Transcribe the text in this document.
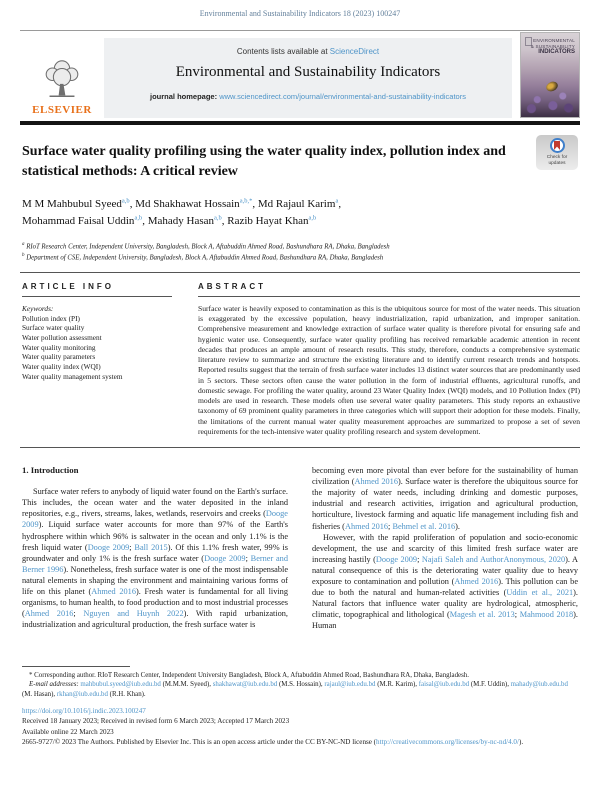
Environmental and Sustainability Indicators 18 (2023) 100247
ELSEVIER
Contents lists available at ScienceDirect
Environmental and Sustainability Indicators
journal homepage: www.sciencedirect.com/journal/environmental-and-sustainability-indicators
ENVIRONMENTAL
& SUSTAINABILITY
INDICATORS
Surface water quality profiling using the water quality index, pollution index and statistical methods: A critical review
Check for
updates
M M Mahbubul Syeed$^{a,b}$, Md Shakhawat Hossain$^{a,b,*}$, Md Rajaul Karim$^a$, Mohammad Faisal Uddin$^{a,b}$, Mahady Hasan$^{a,b}$, Razib Hayat Khan$^{a,b}$
$^a$ RIoT Research Center, Independent University, Bangladesh, Block A, Aftabuddin Ahmed Road, Bashundhara RA, Dhaka, Bangladesh
$^b$ Department of CSE, Independent University, Bangladesh, Block A, Aftabuddin Ahmed Road, Bashundhara RA, Dhaka, Bangladesh
ARTICLE INFO
Keywords:
Pollution index (PI)
Surface water quality
Water pollution assessment
Water quality monitoring
Water quality parameters
Water quality index (WQI)
Water quality management system
ABSTRACT
Surface water is heavily exposed to contamination as this is the ubiquitous source for most of the water needs. This situation is exaggerated by the excessive population, heavy industrialization, rapid urbanization, and improper sanitation. Comprehensive measurement and knowledge extraction of surface water quality is therefore pivotal for ensuring safe and hygienic water use. Consequently, surface water quality profiling has received remarkable academic attention in recent decades that produces an ample amount of research results. This study, therefore, conducts a comprehensive systematic literature review to summarize and structure the existing literature and to identify current research trends and hotspots. Reported results suggest that the terrain of fresh surface water includes 13 distinct water sources that are predominantly used in 5 sectors. These sectors often cause the water pollution in the form of industrial effluents, agricultural runoffs, and domestic sewage. For profiling the water quality, around 23 Water Quality Index (WQI) models, and 10 Pollution Index (PI) models are used in research. These models often use several water quality parameters. This study reports an exhaustive taxonomy of 69 prominent quality parameters in three categories which will support their adoption for these models. Finally, the limitations of the current manual water quality measurement approaches are summarized to propose a set of seven requirements for the tech-intensive water quality profiling research and system development.
1. Introduction

Surface water refers to anybody of liquid water found on the Earth's surface. This includes, the ocean water and the water deposited in the inland repositories, e.g., rivers, streams, lakes, wetlands, reservoirs and creeks (Dooge 2009). Liquid surface water accounts for more than 97% of the Earth's hydrosphere within which 96% is saltwater in the ocean and only 1.1% is the fresh liquid water (Dooge 2009; Ball 2015). Of this 1.1% fresh water, 99% is groundwater and only 1% is the fresh surface water (Dooge 2009; Berner and Berner 1996). Nonetheless, fresh surface water is one of the most indispensable natural elements in shaping the environment and maintaining various forms of life on this planet (Ahmed 2016). Fresh water is fundamental for all living organisms, to human health, to food production and to most industrial processes (Ahmed 2016; Nguyen and Huynh 2022). With rapid urbanization, industrialization and agricultural production, the fresh surface water is

becoming even more pivotal than ever before for the sustainability of human civilization (Ahmed 2016). Surface water is therefore the ubiquitous source for the majority of water needs, including drinking and domestic purposes, industrial and research activities, irrigation and agricultural production, horticulture, livestock farming and aquatic life management including fish and fisheries (Ahmed 2016; Behmel et al. 2016).

However, with the rapid proliferation of population and socio-economic development, the use and scarcity of this limited fresh surface water are increasing hastily (Dooge 2009; Najafi Saleh and AuthorAnonymous, 2020). A natural consequence of this is the deteriorating water quality due to heavy exposure to contamination and pollution (Ahmed 2016). This pollution can be due to both the natural and human-related activities (Uddin et al., 2021). Natural factors that influence water quality are hydrological, atmospheric, climatic, topographical and lithological (Magesh et al. 2013; Mahmood 2018). Human

* Corresponding author. RIoT Research Center, Independent University Bangladesh, Block A, Aftabuddin Ahmed Road, Bashundhara RA, Dhaka, Bangladesh.
E-mail addresses: mahbubul.syeed@iub.edu.bd (M.M.M. Syeed), shakhawat@iub.edu.bd (M.S. Hossain), rajaul@iub.edu.bd (M.R. Karim), faisal@iub.edu.bd (M.F. Uddin), mahady@iub.edu.bd (M. Hasan), rkhan@iub.edu.bd (R.H. Khan).
https://doi.org/10.1016/j.indic.2023.100247
Received 18 January 2023; Received in revised form 6 March 2023; Accepted 17 March 2023
Available online 22 March 2023
2665-9727/© 2023 The Authors. Published by Elsevier Inc. This is an open access article under the CC BY-NC-ND license (http://creativecommons.org/licenses/by-nc-nd/4.0/).
